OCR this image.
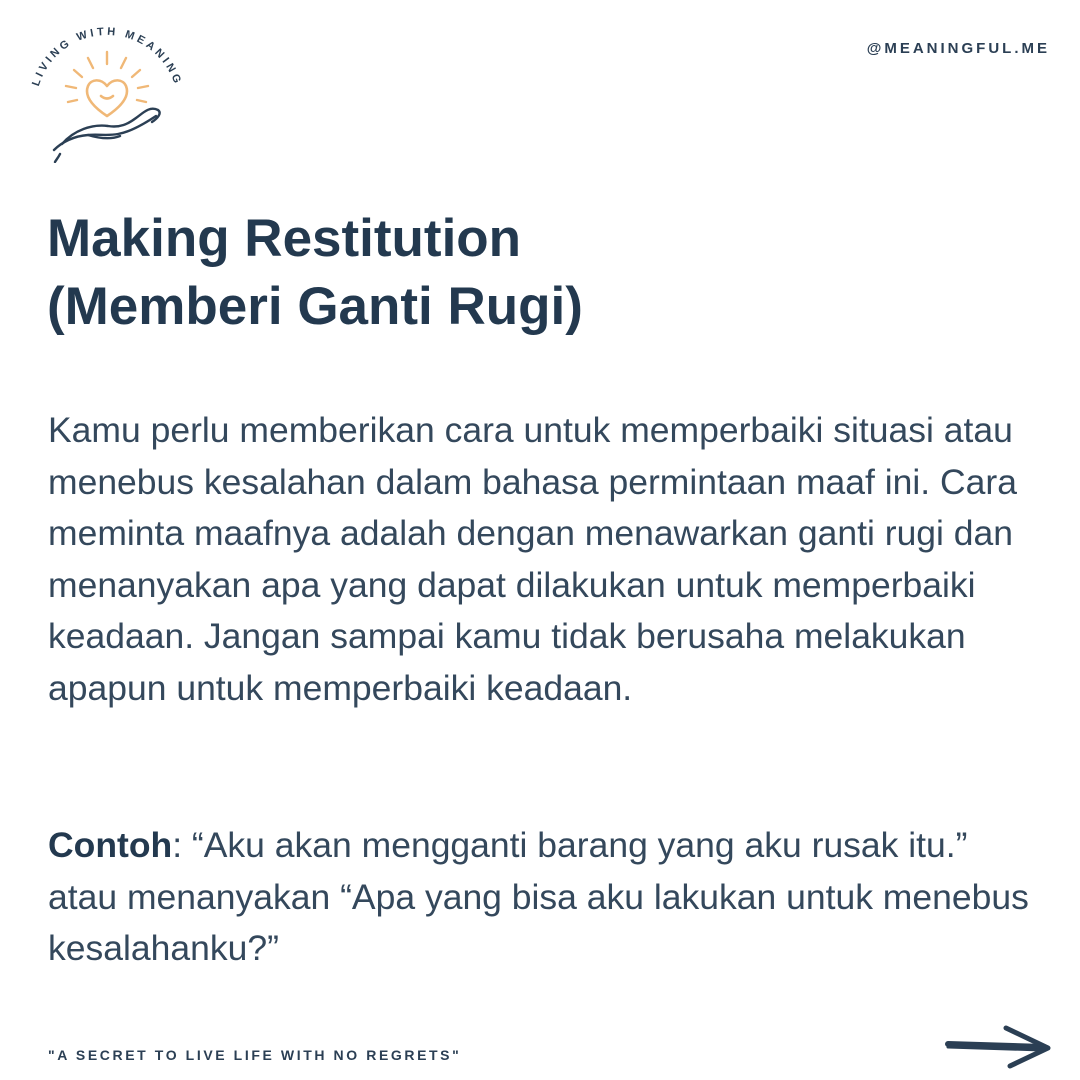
LIVING WITH MEANING
@MEANINGFUL.ME
Making Restitution
(Memberi Ganti Rugi)

Kamu perlu memberikan cara untuk memperbaiki situasi atau menebus kesalahan dalam bahasa permintaan maaf ini. Cara meminta maafnya adalah dengan menawarkan ganti rugi dan menanyakan apa yang dapat dilakukan untuk memperbaiki keadaan. Jangan sampai kamu tidak berusaha melakukan apapun untuk memperbaiki keadaan.

Contoh: “Aku akan mengganti barang yang aku rusak itu.” atau menanyakan “Apa yang bisa aku lakukan untuk menebus kesalahanku?”

"A SECRET TO LIVE LIFE WITH NO REGRETS"
